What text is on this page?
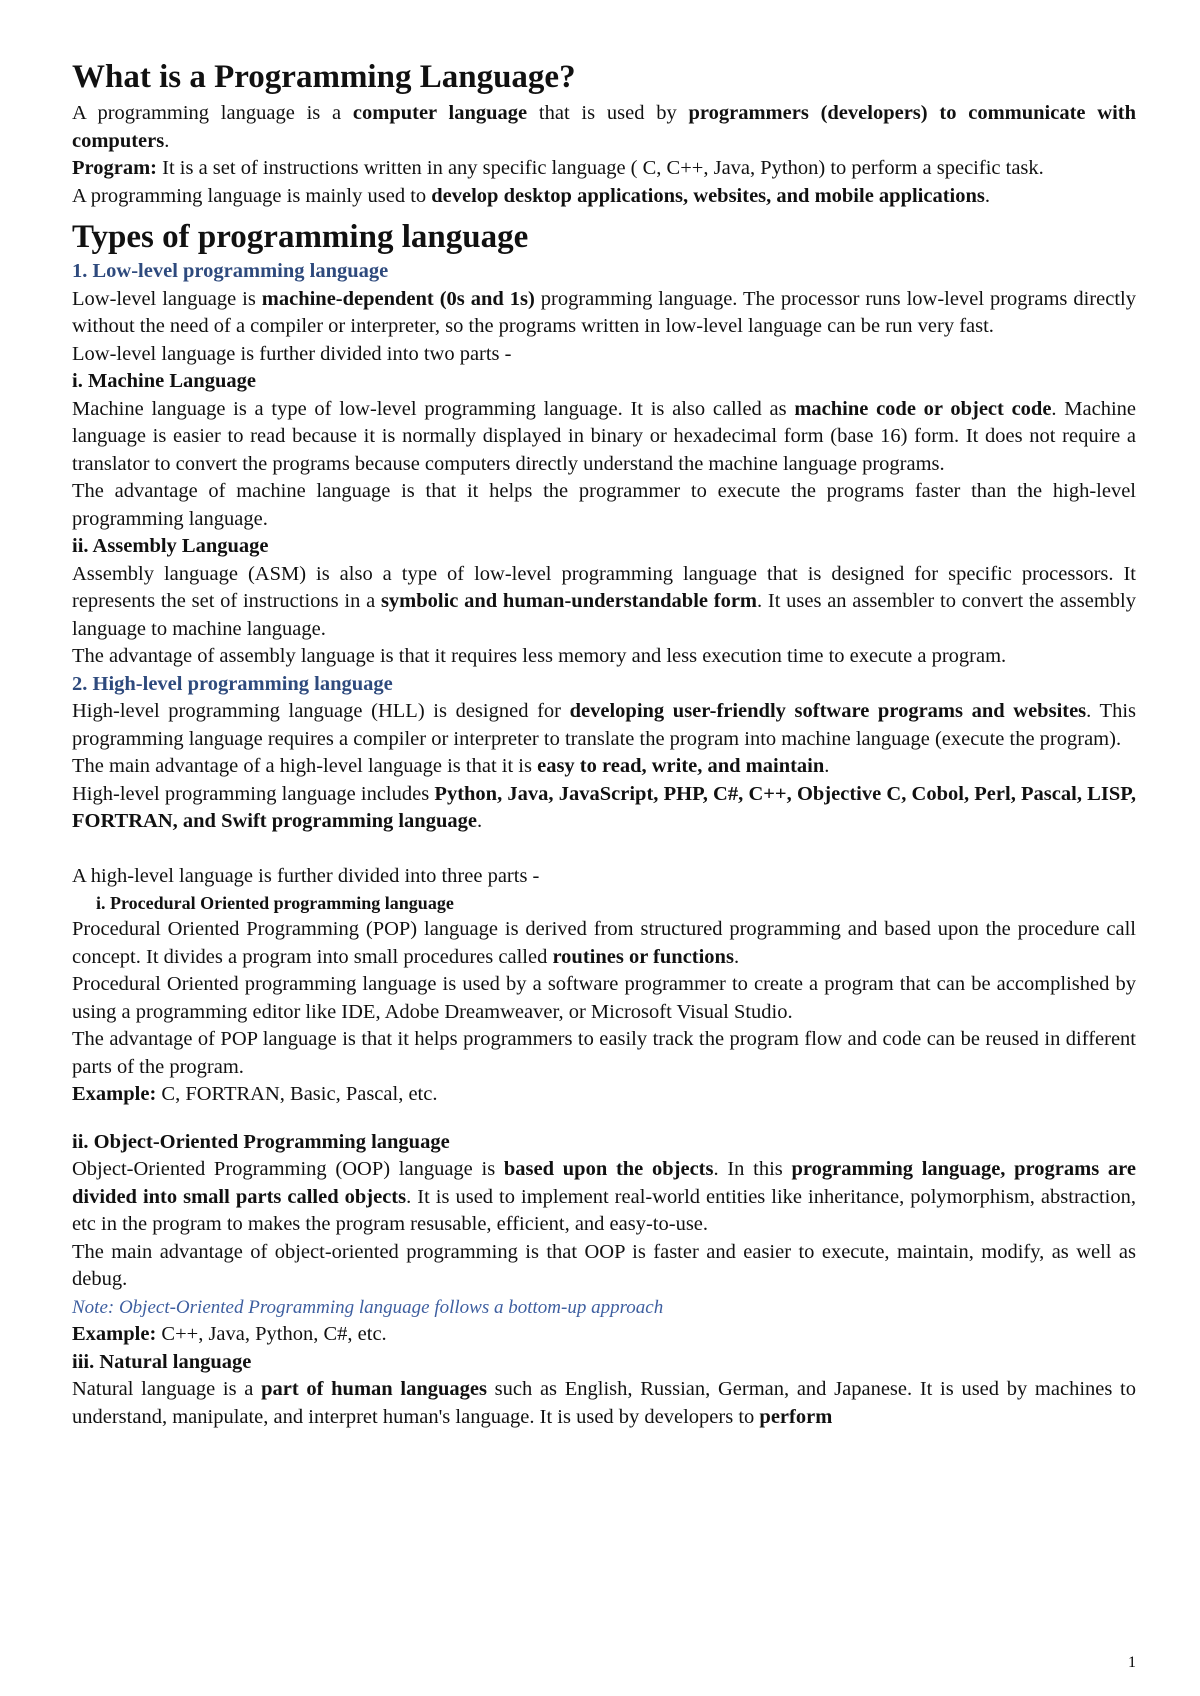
What is a Programming Language?

A programming language is a computer language that is used by programmers (developers) to communicate with computers.

Program: It is a set of instructions written in any specific language ( C, C++, Java, Python) to perform a specific task.

A programming language is mainly used to develop desktop applications, websites, and mobile applications.

Types of programming language
1. Low-level programming language

Low-level language is machine-dependent (0s and 1s) programming language. The processor runs low-level programs directly without the need of a compiler or interpreter, so the programs written in low-level language can be run very fast.

Low-level language is further divided into two parts -

i. Machine Language

Machine language is a type of low-level programming language. It is also called as machine code or object code. Machine language is easier to read because it is normally displayed in binary or hexadecimal form (base 16) form. It does not require a translator to convert the programs because computers directly understand the machine language programs.

The advantage of machine language is that it helps the programmer to execute the programs faster than the high-level programming language.

ii. Assembly Language

Assembly language (ASM) is also a type of low-level programming language that is designed for specific processors. It represents the set of instructions in a symbolic and human-understandable form. It uses an assembler to convert the assembly language to machine language.

The advantage of assembly language is that it requires less memory and less execution time to execute a program.

2. High-level programming language

High-level programming language (HLL) is designed for developing user-friendly software programs and websites. This programming language requires a compiler or interpreter to translate the program into machine language (execute the program).

The main advantage of a high-level language is that it is easy to read, write, and maintain.

High-level programming language includes Python, Java, JavaScript, PHP, C#, C++, Objective C, Cobol, Perl, Pascal, LISP, FORTRAN, and Swift programming language.

A high-level language is further divided into three parts -

i. Procedural Oriented programming language

Procedural Oriented Programming (POP) language is derived from structured programming and based upon the procedure call concept. It divides a program into small procedures called routines or functions.

Procedural Oriented programming language is used by a software programmer to create a program that can be accomplished by using a programming editor like IDE, Adobe Dreamweaver, or Microsoft Visual Studio.

The advantage of POP language is that it helps programmers to easily track the program flow and code can be reused in different parts of the program.

Example: C, FORTRAN, Basic, Pascal, etc.

ii. Object-Oriented Programming language

Object-Oriented Programming (OOP) language is based upon the objects. In this programming language, programs are divided into small parts called objects. It is used to implement real-world entities like inheritance, polymorphism, abstraction, etc in the program to makes the program resusable, efficient, and easy-to-use.

The main advantage of object-oriented programming is that OOP is faster and easier to execute, maintain, modify, as well as debug.

Note: Object-Oriented Programming language follows a bottom-up approach

Example: C++, Java, Python, C#, etc.

iii. Natural language

Natural language is a part of human languages such as English, Russian, German, and Japanese. It is used by machines to understand, manipulate, and interpret human's language. It is used by developers to perform

1
